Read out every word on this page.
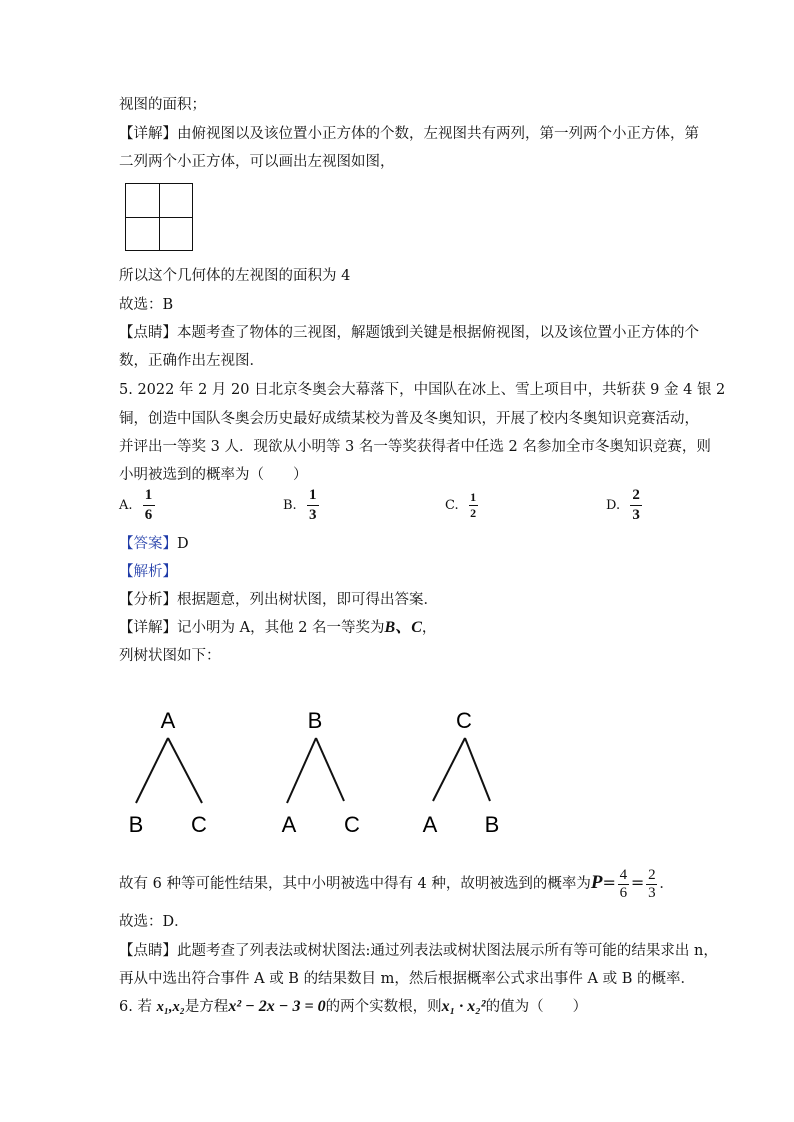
视图的面积；
【详解】由俯视图以及该位置小正方体的个数，左视图共有两列，第一列两个小正方体，第
二列两个小正方体，可以画出左视图如图，
所以这个几何体的左视图的面积为 4
故选：B
【点睛】本题考查了物体的三视图，解题饿到关键是根据俯视图，以及该位置小正方体的个
数，正确作出左视图．
5. 2022 年 2 月 20 日北京冬奥会大幕落下，中国队在冰上、雪上项目中，共斩获 9 金 4 银 2
铜，创造中国队冬奥会历史最好成绩某校为普及冬奥知识，开展了校内冬奥知识竞赛活动，
并评出一等奖 3 人．现欲从小明等 3 名一等奖获得者中任选 2 名参加全市冬奥知识竞赛，则
小明被选到的概率为（　　）
A. $\frac{1}{6}$	B. $\frac{1}{3}$	C. $\frac{1}{2}$	D. $\frac{2}{3}$
【答案】D
【解析】
【分析】根据题意，列出树状图，即可得出答案．
【详解】记小明为 A，其他 2 名一等奖为B、C，
列树状图如下：
A
B C
B
A C
C
A B
故有 6 种等可能性结果，其中小明被选中得有 4 种，故明被选到的概率为$P= \frac{4}{6} = \frac{2}{3}$ ．
故选：D．
【点睛】此题考查了列表法或树状图法:通过列表法或树状图法展示所有等可能的结果求出 n，
再从中选出符合事件 A 或 B 的结果数目 m，然后根据概率公式求出事件 A 或 B 的概率．
6. 若 x₁,x₂是方程x² − 2x − 3 = 0的两个实数根，则x₁ · x₂²的值为（　　）
